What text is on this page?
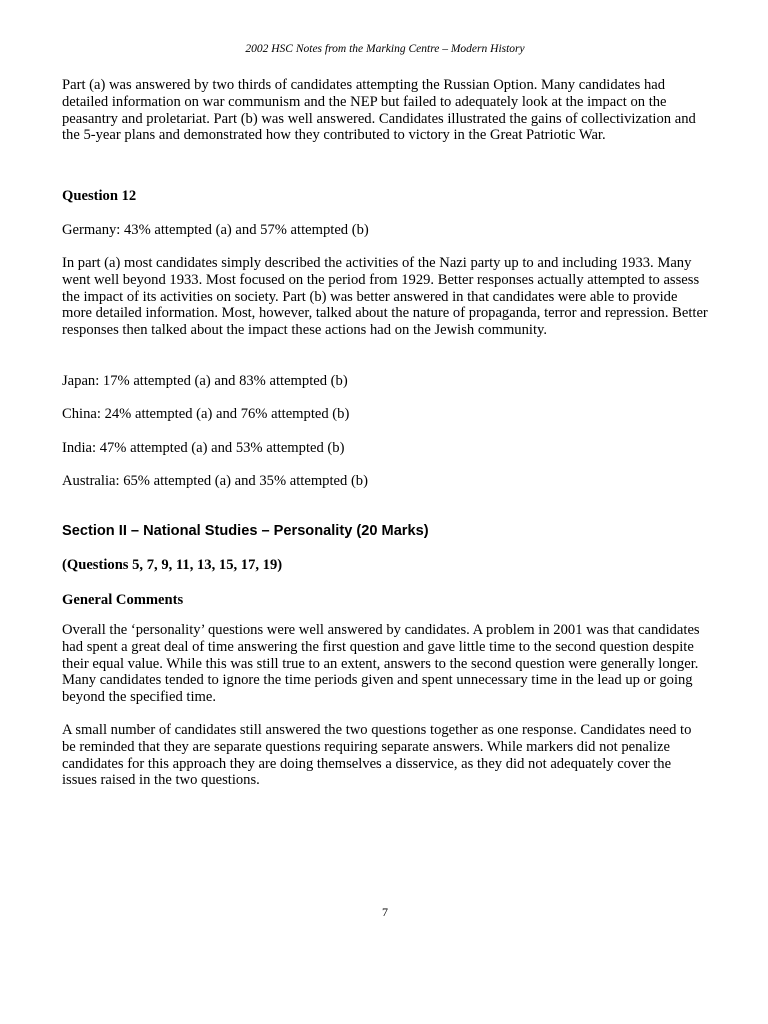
2002 HSC Notes from the Marking Centre – Modern History

Part (a) was answered by two thirds of candidates attempting the Russian Option. Many candidates had detailed information on war communism and the NEP but failed to adequately look at the impact on the peasantry and proletariat. Part (b) was well answered. Candidates illustrated the gains of collectivization and the 5-year plans and demonstrated how they contributed to victory in the Great Patriotic War.

Question 12

Germany: 43% attempted (a) and 57% attempted (b)

In part (a) most candidates simply described the activities of the Nazi party up to and including 1933. Many went well beyond 1933. Most focused on the period from 1929. Better responses actually attempted to assess the impact of its activities on society. Part (b) was better answered in that candidates were able to provide more detailed information. Most, however, talked about the nature of propaganda, terror and repression. Better responses then talked about the impact these actions had on the Jewish community.

Japan: 17% attempted (a) and 83% attempted (b)

China: 24% attempted (a) and 76% attempted (b)

India: 47% attempted (a) and 53% attempted (b)

Australia: 65% attempted (a) and 35% attempted (b)

Section II – National Studies – Personality (20 Marks)

(Questions 5, 7, 9, 11, 13, 15, 17, 19)

General Comments

Overall the ‘personality’ questions were well answered by candidates. A problem in 2001 was that candidates had spent a great deal of time answering the first question and gave little time to the second question despite their equal value. While this was still true to an extent, answers to the second question were generally longer. Many candidates tended to ignore the time periods given and spent unnecessary time in the lead up or going beyond the specified time.

A small number of candidates still answered the two questions together as one response. Candidates need to be reminded that they are separate questions requiring separate answers. While markers did not penalize candidates for this approach they are doing themselves a disservice, as they did not adequately cover the issues raised in the two questions.

7
